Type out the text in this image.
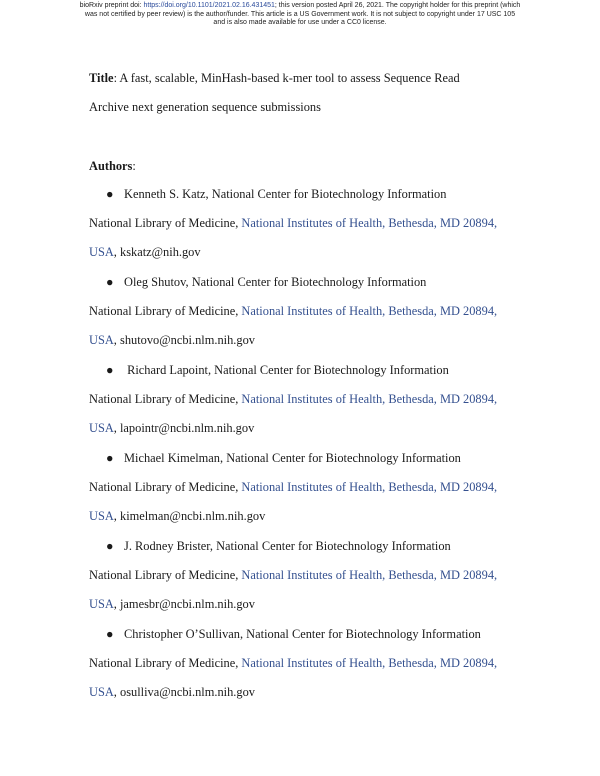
bioRxiv preprint doi: https://doi.org/10.1101/2021.02.16.431451; this version posted April 26, 2021. The copyright holder for this preprint (which
was not certified by peer review) is the author/funder. This article is a US Government work. It is not subject to copyright under 17 USC 105
and is also made available for use under a CC0 license.
Title: A fast, scalable, MinHash-based k-mer tool to assess Sequence Read
Archive next generation sequence submissions
Authors:
● Kenneth S. Katz, National Center for Biotechnology Information
National Library of Medicine, National Institutes of Health, Bethesda, MD 20894,
USA, kskatz@nih.gov
● Oleg Shutov, National Center for Biotechnology Information
National Library of Medicine, National Institutes of Health, Bethesda, MD 20894,
USA, shutovo@ncbi.nlm.nih.gov
● Richard Lapoint, National Center for Biotechnology Information
National Library of Medicine, National Institutes of Health, Bethesda, MD 20894,
USA, lapointr@ncbi.nlm.nih.gov
● Michael Kimelman, National Center for Biotechnology Information
National Library of Medicine, National Institutes of Health, Bethesda, MD 20894,
USA, kimelman@ncbi.nlm.nih.gov
● J. Rodney Brister, National Center for Biotechnology Information
National Library of Medicine, National Institutes of Health, Bethesda, MD 20894,
USA, jamesbr@ncbi.nlm.nih.gov
● Christopher O’Sullivan, National Center for Biotechnology Information
National Library of Medicine, National Institutes of Health, Bethesda, MD 20894,
USA, osulliva@ncbi.nlm.nih.gov
